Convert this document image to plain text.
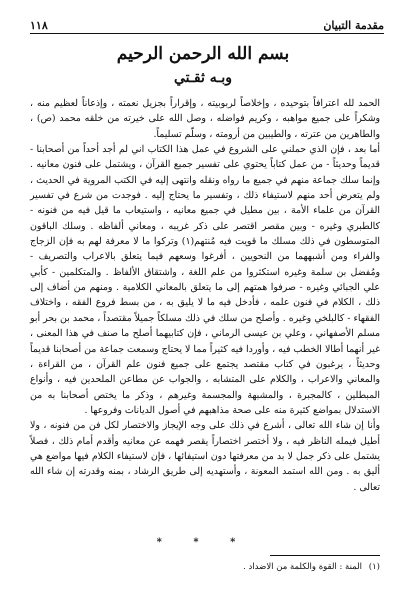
مقدمة التبيان
١١٨
بسم الله الرحمن الرحيم
وبـه ثقـتي

الحمد لله اعترافاً بتوحيده ، وإخلاصاً لربوبيته ، وإقراراً بجزيل نعمته ، وإذعاناً لعظيم منه ، وشكراً على جميع مواهبه ، وكريم فواضله ، وصل الله على خيرته من خلقه محمد (ص) ، والطاهرين من عترته ، والطيبين من أرومته ، وسلّم تسليماً.

أما بعد ، فإن الذي حملني على الشروع في عمل هذا الكتاب اني لم أجد أحداً من أصحابنا - قديماً وحديثاً - من عمل كتاباً يحتوي على تفسير جميع القرآن ، ويشتمل على فنون معانيه . وإنما سلك جماعة منهم في جميع ما رواه ونقله وانتهى إليه في الكتب المروية في الحديث ، ولم يتعرض أحد منهم لاستيفاء ذلك ، وتفسير ما يحتاج إليه . فوجدت من شرع في تفسير القرآن من علماء الأمة ، بين مطيل في جميع معانيه ، واستيعاب ما قيل فيه من فنونه - كالطبري وغيره - وبين مقصر اقتصر على ذكر غريبه ، ومعاني ألفاظه . وسلك الباقون المتوسطون في ذلك مسلك ما قويت فيه مُنتهم(١) وتركوا ما لا معرفة لهم به فإن الزجاج والفراء ومن أشبههما من النحويين ، أفرغوا وسعهم فيما يتعلق بالاعراب والتصريف - ومُفضل بن سلمة وغيره استكثروا من علم اللغة ، واشتقاق الألفاظ . والمتكلمين - كأبي علي الجبائي وغيره - صرفوا همتهم إلى ما يتعلق بالمعاني الكلامية . ومنهم من أضاف إلى ذلك ، الكلام في فنون علمه ، فأدخل فيه ما لا يليق به ، من بسط فروع الفقه ، واختلاف الفقهاء - كالبلخي وغيره . وأصلح من سلك في ذلك مسلكاً جميلاً مقتصداً ، محمد بن بحر أبو مسلم الأصفهاني ، وعلي بن عيسى الرماني ، فإن كتابيهما أصلح ما صنف في هذا المعنى ، غير أنهما أطالا الخطب فيه ، وأوردا فيه كثيراً مما لا يحتاج وسمعت جماعة من أصحابنا قديماً وحديثاً ، يرغبون في كتاب مقتصد يجتمع على جميع فنون علم القرآن ، من القراءة ، والمعاني والاعراب ، والكلام على المتشابه ، والجواب عن مطاعن الملحدين فيه ، وأنواع المبطلين ، كالمجبرة ، والمشبهة والمجسمة وغيرهم ، وذكر ما يختص أصحابنا به من الاستدلال بمواضع كثيرة منه على صحة مذاهبهم في أصول الديانات وفروعها .

وأنا إن شاء الله تعالى ، أشرع في ذلك على وجه الإيجاز والاختصار لكل فن من فنونه ، ولا أطيل فيمله الناظر فيه ، ولا أختصر اختصاراً يقصر فهمه عن معانيه وأقدم أمام ذلك ، فصلاً يشتمل على ذكر جمل لا بد من معرفتها دون استيفائها ، فإن لاستيفاء الكلام فيها مواضع هي أليق به . ومن الله استمد المعونة ، وأستهديه إلى طريق الرشاد ، بمنه وقدرته إن شاء الله تعالى .

* * *
(١) المنة : القوة والكلمة من الاضداد .
